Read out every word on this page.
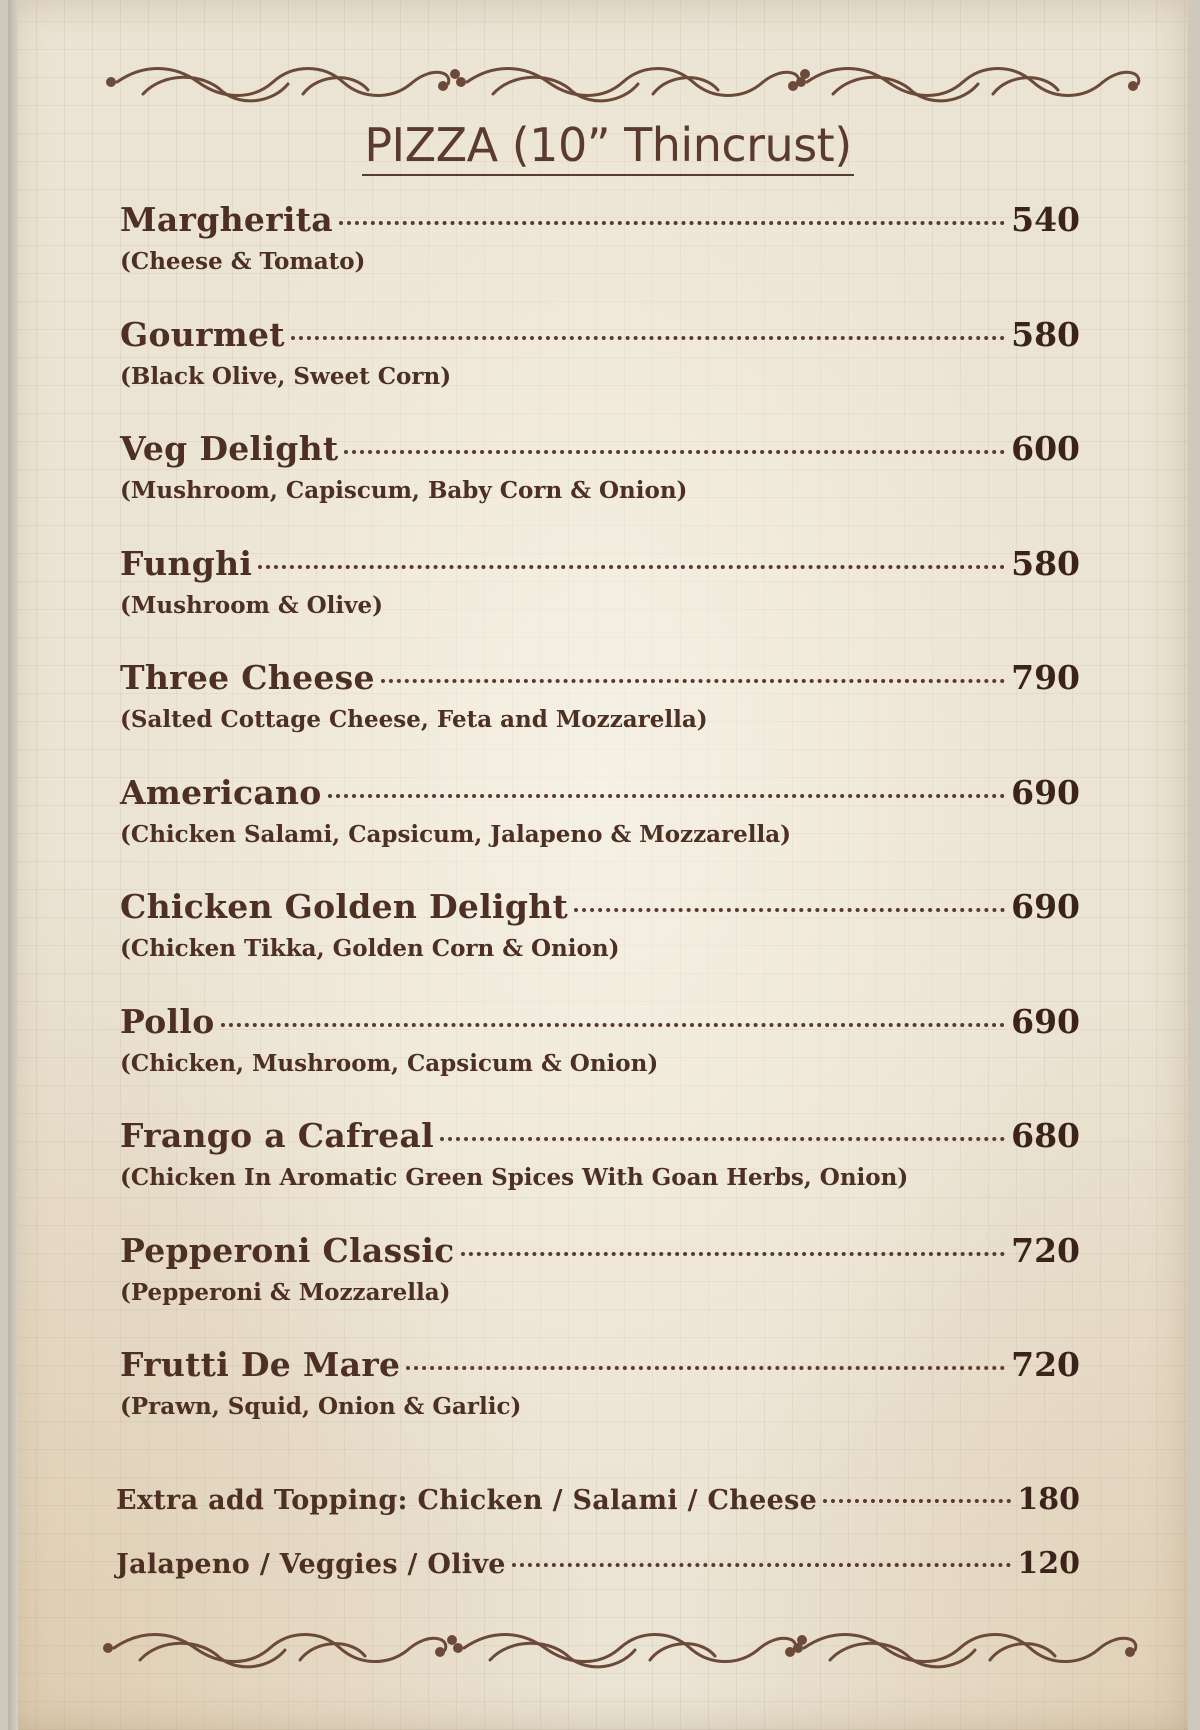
PIZZA (10” Thincrust)
Margherita	540
(Cheese & Tomato)
Gourmet	580
(Black Olive, Sweet Corn)
Veg Delight	600
(Mushroom, Capiscum, Baby Corn & Onion)
Funghi	580
(Mushroom & Olive)
Three Cheese	790
(Salted Cottage Cheese, Feta and Mozzarella)
Americano	690
(Chicken Salami, Capsicum, Jalapeno & Mozzarella)
Chicken Golden Delight	690
(Chicken Tikka, Golden Corn & Onion)
Pollo	690
(Chicken, Mushroom, Capsicum & Onion)
Frango a Cafreal	680
(Chicken In Aromatic Green Spices With Goan Herbs, Onion)
Pepperoni Classic	720
(Pepperoni & Mozzarella)
Frutti De Mare	720
(Prawn, Squid, Onion & Garlic)
Extra add Topping: Chicken / Salami / Cheese	180
Jalapeno / Veggies / Olive	120
